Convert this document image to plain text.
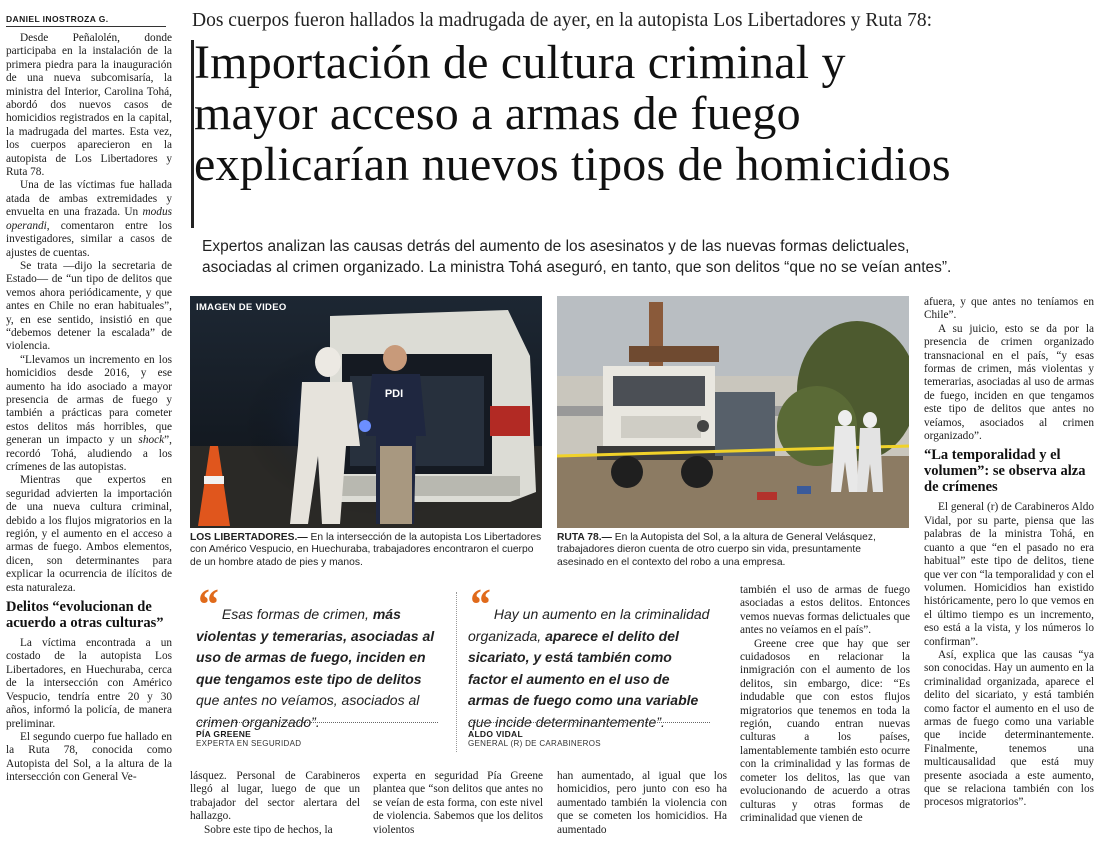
DANIEL INOSTROZA G.

Desde Peñalolén, donde participaba en la instalación de la primera piedra para la inauguración de una nueva subcomisaría, la ministra del Interior, Carolina Tohá, abordó dos nuevos casos de homicidios registrados en la capital, la madrugada del martes. Esta vez, los cuerpos aparecieron en la autopista de Los Libertadores y Ruta 78.

Una de las víctimas fue hallada atada de ambas extremidades y envuelta en una frazada. Un modus operandi, comentaron entre los investigadores, similar a casos de ajustes de cuentas.

Se trata —dijo la secretaria de Estado— de “un tipo de delitos que vemos ahora periódicamente, y que antes en Chile no eran habituales”, y, en ese sentido, insistió en que “debemos detener la escalada” de violencia.

“Llevamos un incremento en los homicidios desde 2016, y ese aumento ha ido asociado a mayor presencia de armas de fuego y también a prácticas para cometer estos delitos más horribles, que generan un impacto y un shock”, recordó Tohá, aludiendo a los crímenes de las autopistas.

Mientras que expertos en seguridad advierten la importación de una nueva cultura criminal, debido a los flujos migratorios en la región, y el aumento en el acceso a armas de fuego. Ambos elementos, dicen, son determinantes para explicar la ocurrencia de ilícitos de esta naturaleza.

Delitos “evolucionan de acuerdo a otras culturas”

La víctima encontrada a un costado de la autopista Los Libertadores, en Huechuraba, cerca de la intersección con Américo Vespucio, tendría entre 20 y 30 años, informó la policía, de manera preliminar.

El segundo cuerpo fue hallado en la Ruta 78, conocida como Autopista del Sol, a la altura de la intersección con General Ve-

Dos cuerpos fueron hallados la madrugada de ayer, en la autopista Los Libertadores y Ruta 78:
Importación de cultura criminal y
mayor acceso a armas de fuego
explicarían nuevos tipos de homicidios
Expertos analizan las causas detrás del aumento de los asesinatos y de las nuevas formas delictuales,
asociadas al crimen organizado. La ministra Tohá aseguró, en tanto, que son delitos “que no se veían antes”.
PDI
IMAGEN DE VIDEO
LOS LIBERTADORES.— En la intersección de la autopista Los Libertadores con Américo Vespucio, en Huechuraba, trabajadores encontraron el cuerpo de un hombre atado de pies y manos.
RUTA 78.— En la Autopista del Sol, a la altura de General Velásquez, trabajadores dieron cuenta de otro cuerpo sin vida, presuntamente asesinado en el contexto del robo a una empresa.
“ Esas formas de crimen, más violentas y temerarias, asociadas al uso de armas de fuego, inciden en que tengamos este tipo de delitos que antes no veíamos, asociados al crimen organizado”.
PÍA GREENE
EXPERTA EN SEGURIDAD
“ Hay un aumento en la criminalidad organizada, aparece el delito del sicariato, y está también como factor el aumento en el uso de armas de fuego como una variable que incide determinantemente”.
ALDO VIDAL
GENERAL (R) DE CARABINEROS

lásquez. Personal de Carabineros llegó al lugar, luego de que un trabajador del sector alertara del hallazgo.

Sobre este tipo de hechos, la

experta en seguridad Pía Greene plantea que “son delitos que antes no se veían de esta forma, con este nivel de violencia. Sabemos que los delitos violentos

han aumentado, al igual que los homicidios, pero junto con eso ha aumentado también la violencia con que se cometen los homicidios. Ha aumentado

también el uso de armas de fuego asociadas a estos delitos. Entonces vemos nuevas formas delictuales que antes no veíamos en el país”.

Greene cree que hay que ser cuidadosos en relacionar la inmigración con el aumento de los delitos, sin embargo, dice: “Es indudable que con estos flujos migratorios que tenemos en toda la región, cuando entran nuevas culturas a los países, lamentablemente también esto ocurre con la criminalidad y las formas de cometer los delitos, las que van evolucionando de acuerdo a otras culturas y otras formas de criminalidad que vienen de

afuera, y que antes no teníamos en Chile”.

A su juicio, esto se da por la presencia de crimen organizado transnacional en el país, “y esas formas de crimen, más violentas y temerarias, asociadas al uso de armas de fuego, inciden en que tengamos este tipo de delitos que antes no veíamos, asociados al crimen organizado”.

“La temporalidad y el volumen”: se observa alza de crímenes

El general (r) de Carabineros Aldo Vidal, por su parte, piensa que las palabras de la ministra Tohá, en cuanto a que “en el pasado no era habitual” este tipo de delitos, tiene que ver con “la temporalidad y con el volumen. Homicidios han existido históricamente, pero lo que vemos en el último tiempo es un incremento, eso está a la vista, y los números lo confirman”.

Así, explica que las causas “ya son conocidas. Hay un aumento en la criminalidad organizada, aparece el delito del sicariato, y está también como factor el aumento en el uso de armas de fuego como una variable que incide determinantemente. Finalmente, tenemos una multicausalidad que está muy presente asociada a este aumento, que se relaciona también con los procesos migratorios”.
